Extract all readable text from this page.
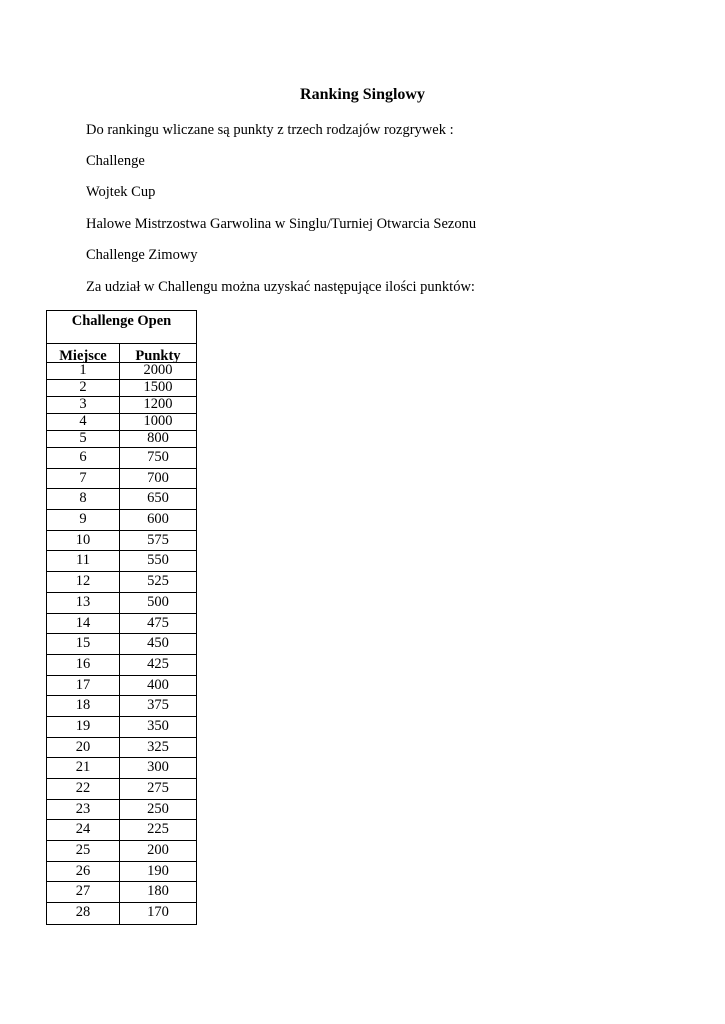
Ranking Singlowy
Do rankingu wliczane są punkty z trzech rodzajów rozgrywek :
Challenge
Wojtek Cup
Halowe Mistrzostwa Garwolina w Singlu/Turniej Otwarcia Sezonu
Challenge Zimowy
Za udział w Challengu można uzyskać następujące ilości punktów:
Challenge Open
Miejsce	Punkty
1	2000
2	1500
3	1200
4	1000
5	800
6	750
7	700
8	650
9	600
10	575
11	550
12	525
13	500
14	475
15	450
16	425
17	400
18	375
19	350
20	325
21	300
22	275
23	250
24	225
25	200
26	190
27	180
28	170
